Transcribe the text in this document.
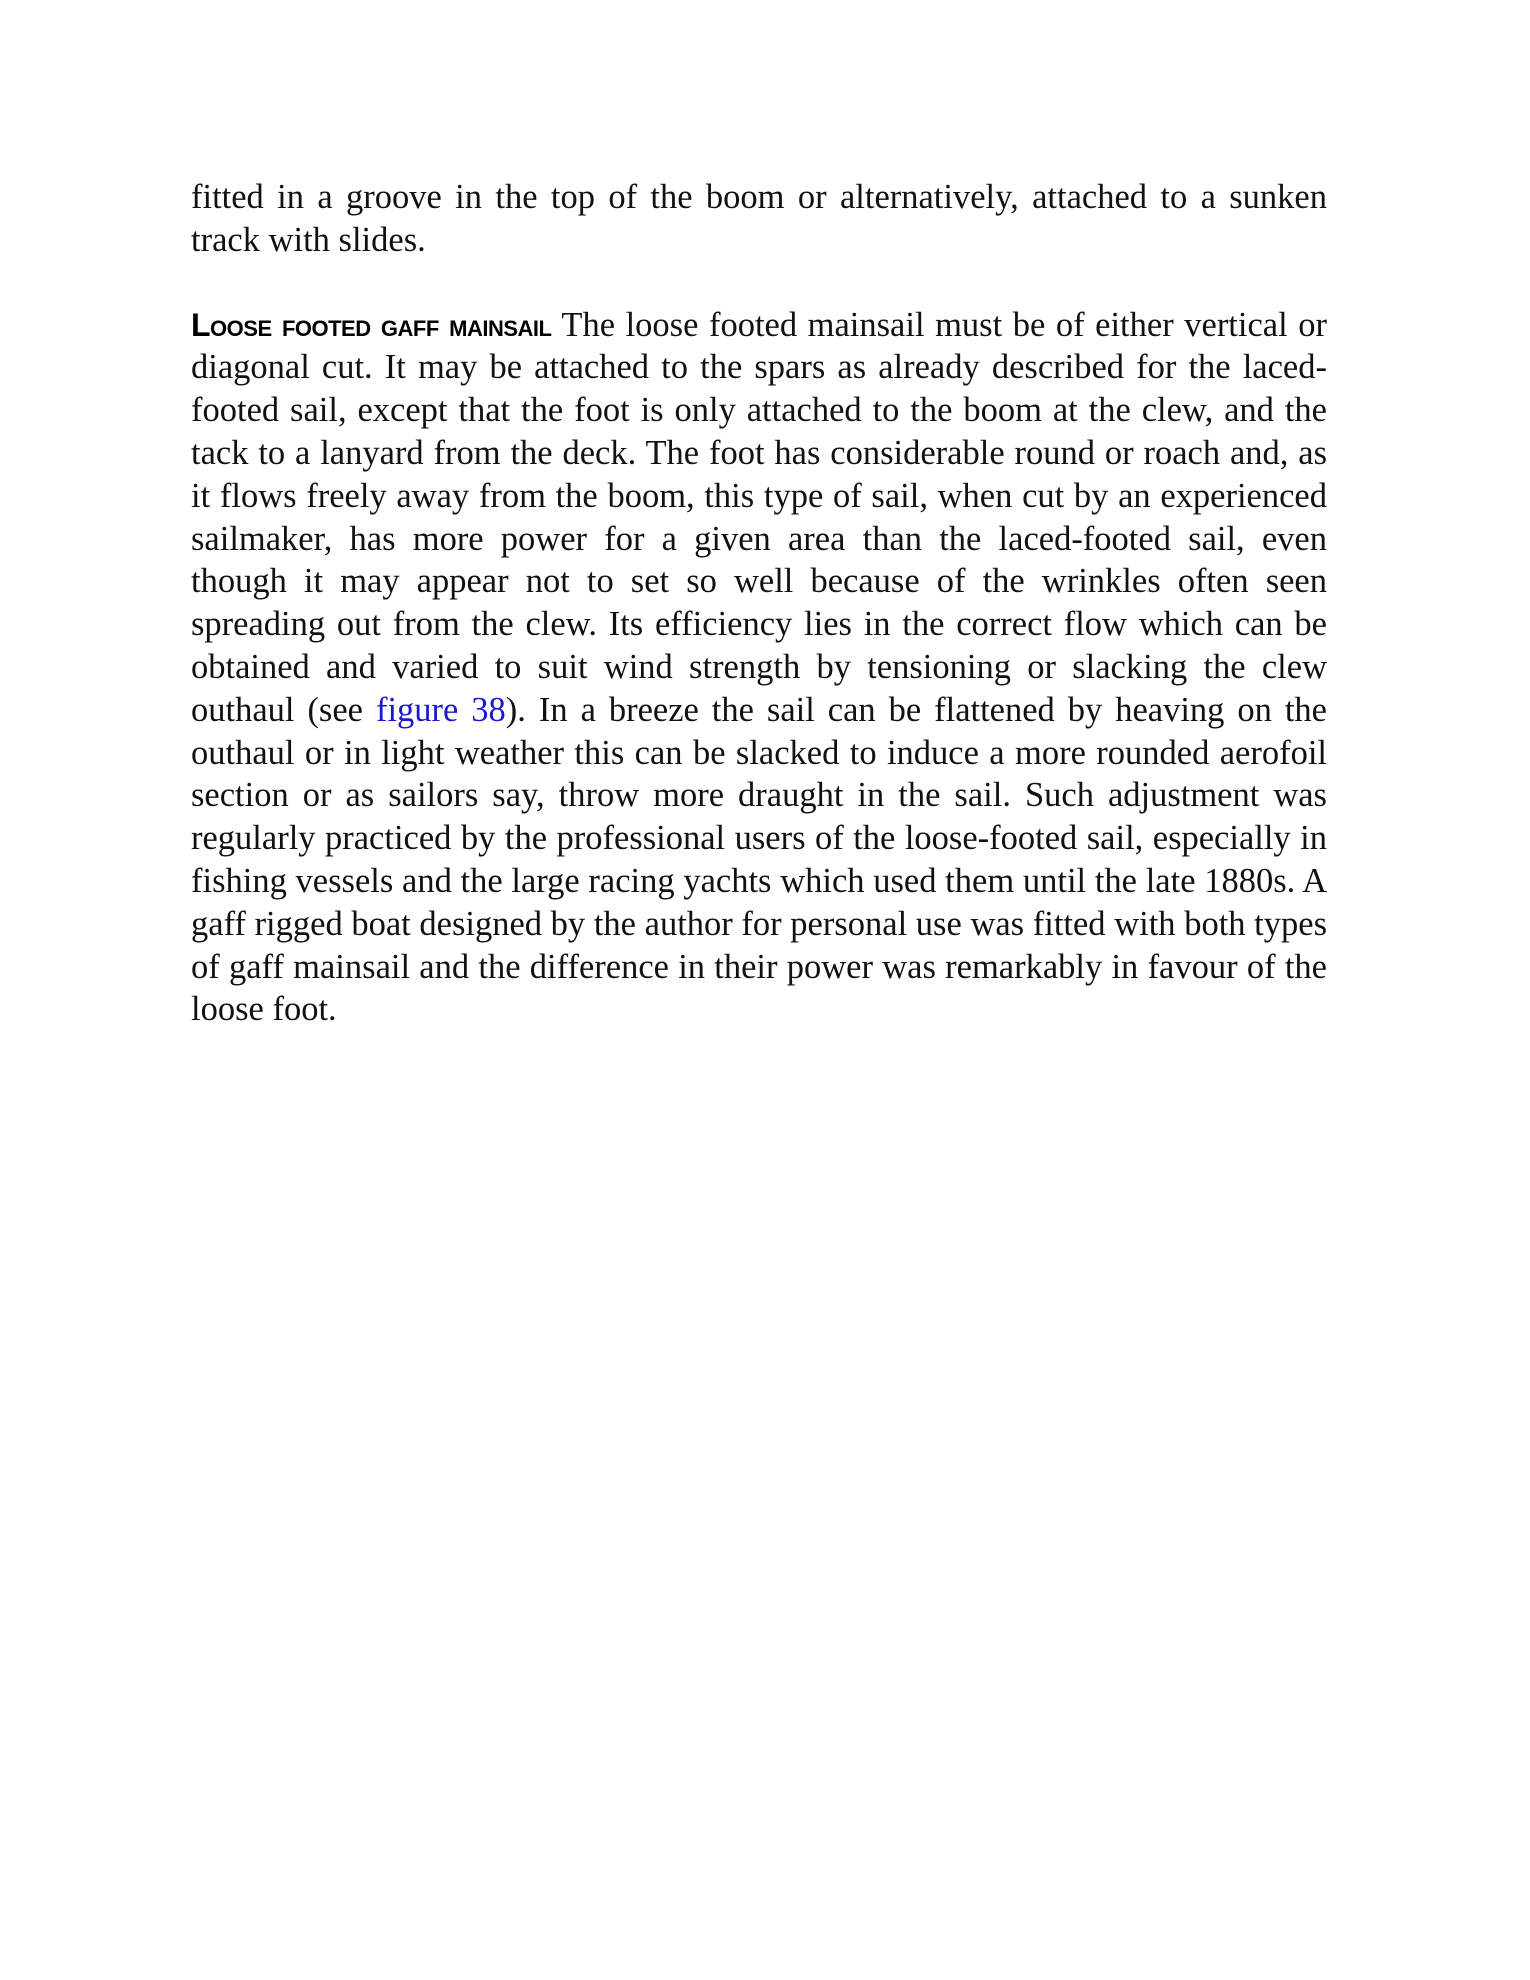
fitted in a groove in the top of the boom or alternatively, attached to a sunken track with slides.

Loose footed gaff mainsail The loose footed mainsail must be of either vertical or diagonal cut. It may be attached to the spars as already described for the laced-footed sail, except that the foot is only attached to the boom at the clew, and the tack to a lanyard from the deck. The foot has considerable round or roach and, as it flows freely away from the boom, this type of sail, when cut by an experienced sailmaker, has more power for a given area than the laced-footed sail, even though it may appear not to set so well because of the wrinkles often seen spreading out from the clew. Its efficiency lies in the correct flow which can be obtained and varied to suit wind strength by tensioning or slacking the clew outhaul (see figure 38). In a breeze the sail can be flattened by heaving on the outhaul or in light weather this can be slacked to induce a more rounded aerofoil section or as sailors say, throw more draught in the sail. Such adjustment was regularly practiced by the professional users of the loose-footed sail, especially in fishing vessels and the large racing yachts which used them until the late 1880s. A gaff rigged boat designed by the author for personal use was fitted with both types of gaff mainsail and the difference in their power was remarkably in favour of the loose foot.
